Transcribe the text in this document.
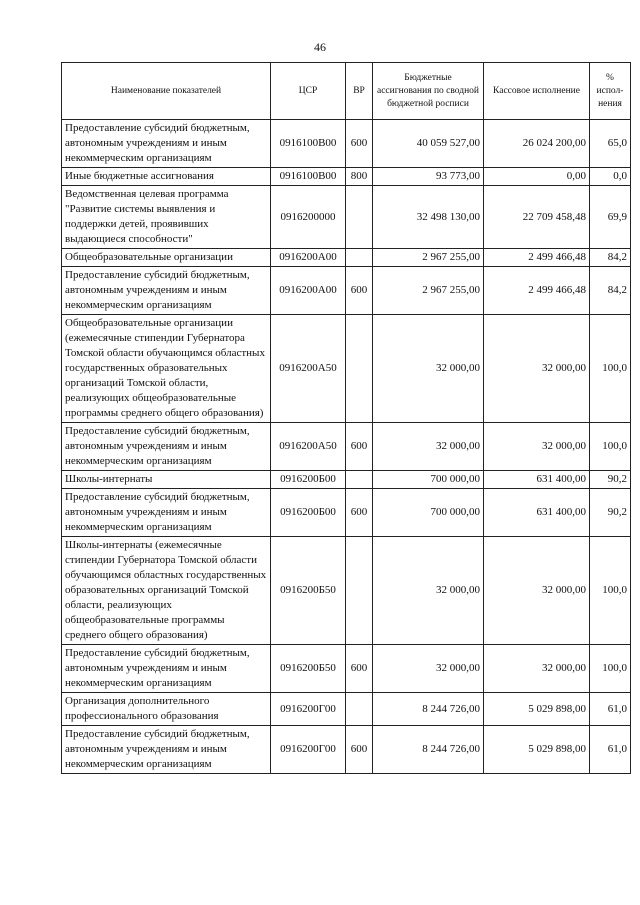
46
Наименование показателей	ЦСР	ВР	Бюджетные ассигнования по сводной бюджетной росписи	Кассовое исполнение	% испол-нения
Предоставление субсидий бюджетным, автономным учреждениям и иным некоммерческим организациям	0916100В00	600	40 059 527,00	26 024 200,00	65,0
Иные бюджетные ассигнования	0916100В00	800	93 773,00	0,00	0,0
Ведомственная целевая программа "Развитие системы выявления и поддержки детей, проявивших выдающиеся способности"	0916200000		32 498 130,00	22 709 458,48	69,9
Общеобразовательные организации	0916200А00		2 967 255,00	2 499 466,48	84,2
Предоставление субсидий бюджетным, автономным учреждениям и иным некоммерческим организациям	0916200А00	600	2 967 255,00	2 499 466,48	84,2
Общеобразовательные организации (ежемесячные стипендии Губернатора Томской области обучающимся областных государственных образовательных организаций Томской области, реализующих общеобразовательные программы среднего общего образования)	0916200А50		32 000,00	32 000,00	100,0
Предоставление субсидий бюджетным, автономным учреждениям и иным некоммерческим организациям	0916200А50	600	32 000,00	32 000,00	100,0
Школы-интернаты	0916200Б00		700 000,00	631 400,00	90,2
Предоставление субсидий бюджетным, автономным учреждениям и иным некоммерческим организациям	0916200Б00	600	700 000,00	631 400,00	90,2
Школы-интернаты (ежемесячные стипендии Губернатора Томской области обучающимся областных государственных образовательных организаций Томской области, реализующих общеобразовательные программы среднего общего образования)	0916200Б50		32 000,00	32 000,00	100,0
Предоставление субсидий бюджетным, автономным учреждениям и иным некоммерческим организациям	0916200Б50	600	32 000,00	32 000,00	100,0
Организация дополнительного профессионального образования	0916200Г00		8 244 726,00	5 029 898,00	61,0
Предоставление субсидий бюджетным, автономным учреждениям и иным некоммерческим организациям	0916200Г00	600	8 244 726,00	5 029 898,00	61,0
